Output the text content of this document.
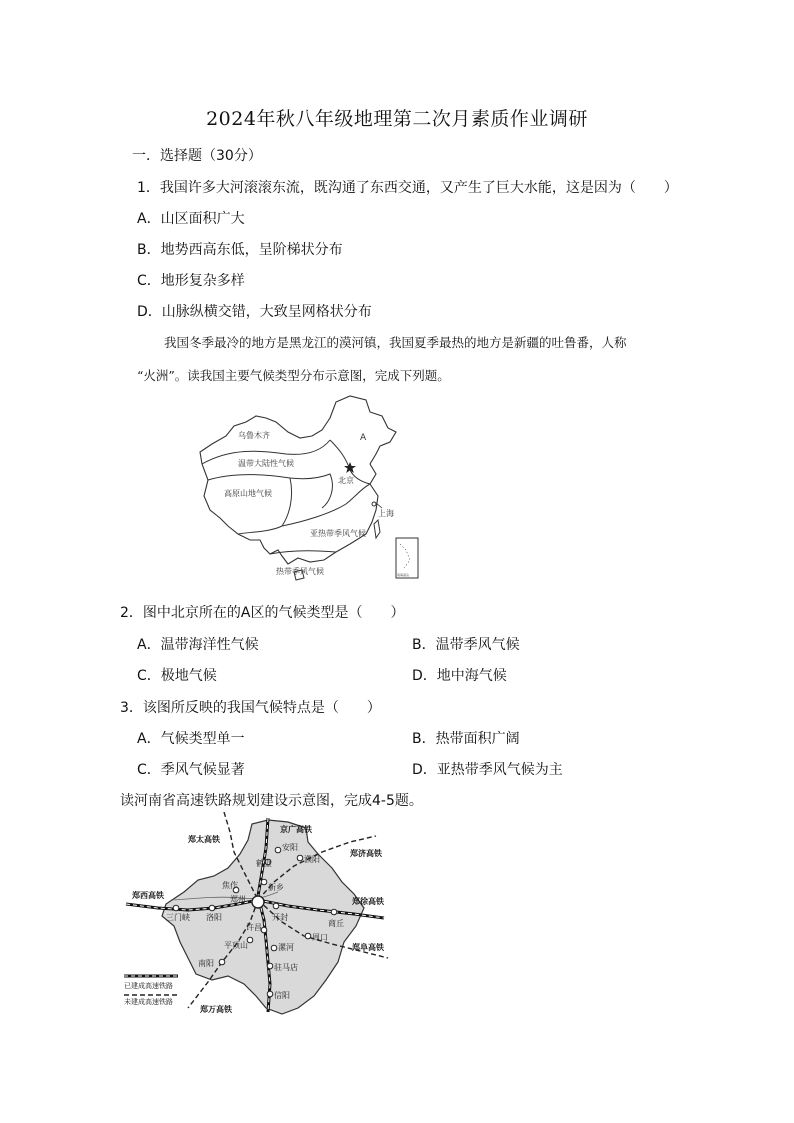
2024年秋八年级地理第二次月素质作业调研
一．选择题（30分）
1．我国许多大河滚滚东流，既沟通了东西交通，又产生了巨大水能，这是因为（　　）
A．山区面积广大
B．地势西高东低，呈阶梯状分布
C．地形复杂多样
D．山脉纵横交错，大致呈网格状分布
我国冬季最冷的地方是黑龙江的漠河镇，我国夏季最热的地方是新疆的吐鲁番，人称
“火洲”。读我国主要气候类型分布示意图，完成下列题。
乌鲁木齐
温带大陆性气候
高原山地气候
A
北京
上海
亚热带季风气候
热带季风气候	南海诸岛
2．图中北京所在的A区的气候类型是（　　）
A．温带海洋性气候	B．温带季风气候
C．极地气候	D．地中海气候
3．该图所反映的我国气候特点是（　　）
A．气候类型单一	B．热带面积广阔
C．季风气候显著	D．亚热带季风气候为主
读河南省高速铁路规划建设示意图，完成4-5题。
安阳
鹤壁	濮阳
焦作	新乡
郑州
开封
商丘
三门峡 洛阳
许昌
平顶山	漯河
周口
南阳	驻马店
信阳
京广高铁
郑太高铁
郑济高铁
郑西高铁
郑徐高铁
郑阜高铁
郑万高铁
已建成高速铁路
未建成高速铁路
